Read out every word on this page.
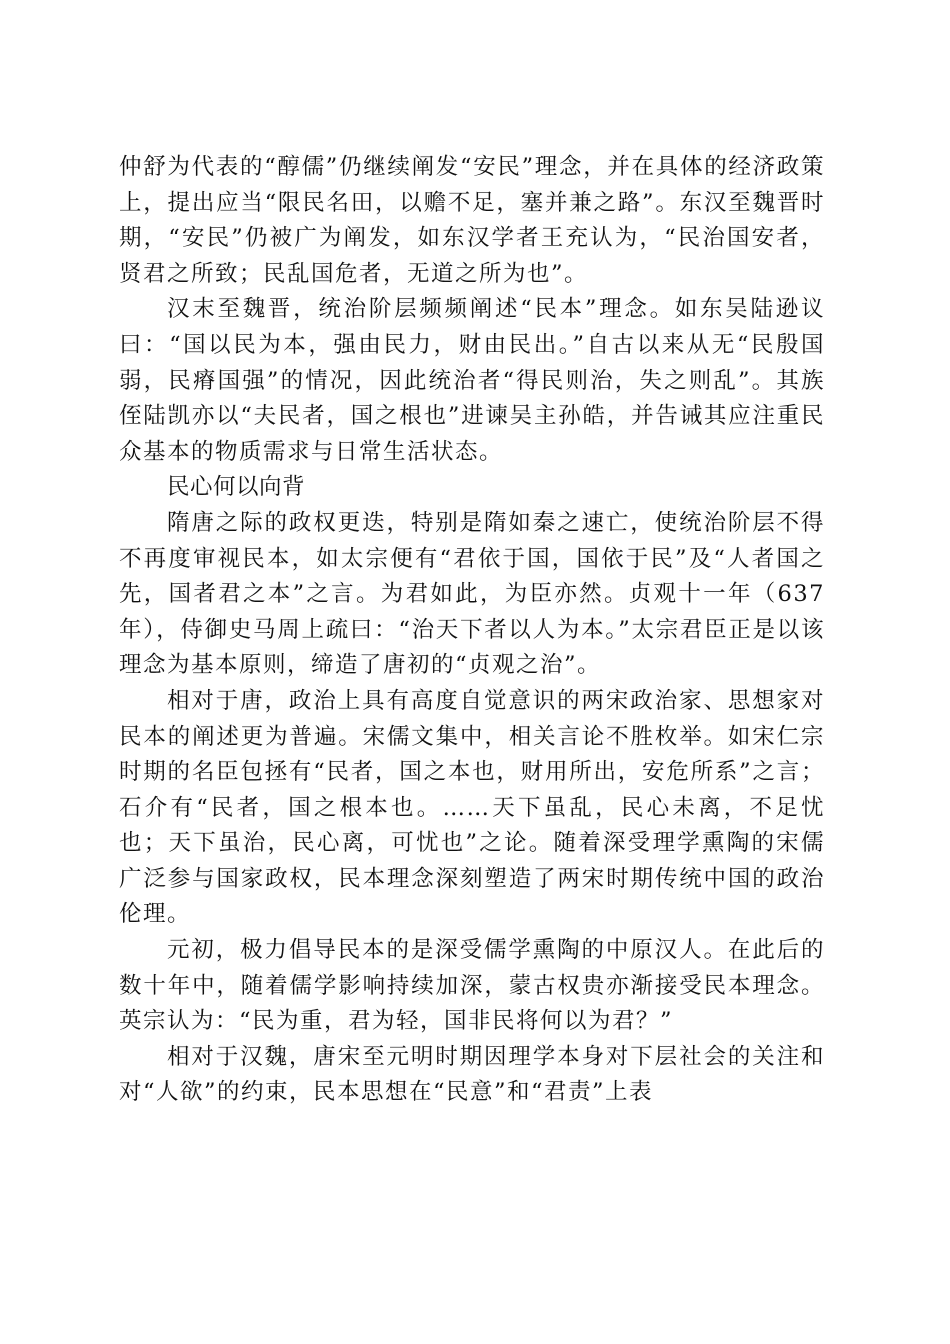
仲舒为代表的“醇儒”仍继续阐发“安民”理念，并在具体的经济政策上，提出应当“限民名田，以赡不足，塞并兼之路”。东汉至魏晋时期，“安民”仍被广为阐发，如东汉学者王充认为，“民治国安者，贤君之所致；民乱国危者，无道之所为也”。

汉末至魏晋，统治阶层频频阐述“民本”理念。如东吴陆逊议曰：“国以民为本，强由民力，财由民出。”自古以来从无“民殷国弱，民瘠国强”的情况，因此统治者“得民则治，失之则乱”。其族侄陆凯亦以“夫民者，国之根也”进谏吴主孙皓，并告诫其应注重民众基本的物质需求与日常生活状态。

民心何以向背

隋唐之际的政权更迭，特别是隋如秦之速亡，使统治阶层不得不再度审视民本，如太宗便有“君依于国，国依于民”及“人者国之先，国者君之本”之言。为君如此，为臣亦然。贞观十一年（637年），侍御史马周上疏曰：“治天下者以人为本。”太宗君臣正是以该理念为基本原则，缔造了唐初的“贞观之治”。

相对于唐，政治上具有高度自觉意识的两宋政治家、思想家对民本的阐述更为普遍。宋儒文集中，相关言论不胜枚举。如宋仁宗时期的名臣包拯有“民者，国之本也，财用所出，安危所系”之言；石介有“民者，国之根本也。……天下虽乱，民心未离，不足忧也；天下虽治，民心离，可忧也”之论。随着深受理学熏陶的宋儒广泛参与国家政权，民本理念深刻塑造了两宋时期传统中国的政治伦理。

元初，极力倡导民本的是深受儒学熏陶的中原汉人。在此后的数十年中，随着儒学影响持续加深，蒙古权贵亦渐接受民本理念。英宗认为：“民为重，君为轻，国非民将何以为君？”

相对于汉魏，唐宋至元明时期因理学本身对下层社会的关注和对“人欲”的约束，民本思想在“民意”和“君责”上表
